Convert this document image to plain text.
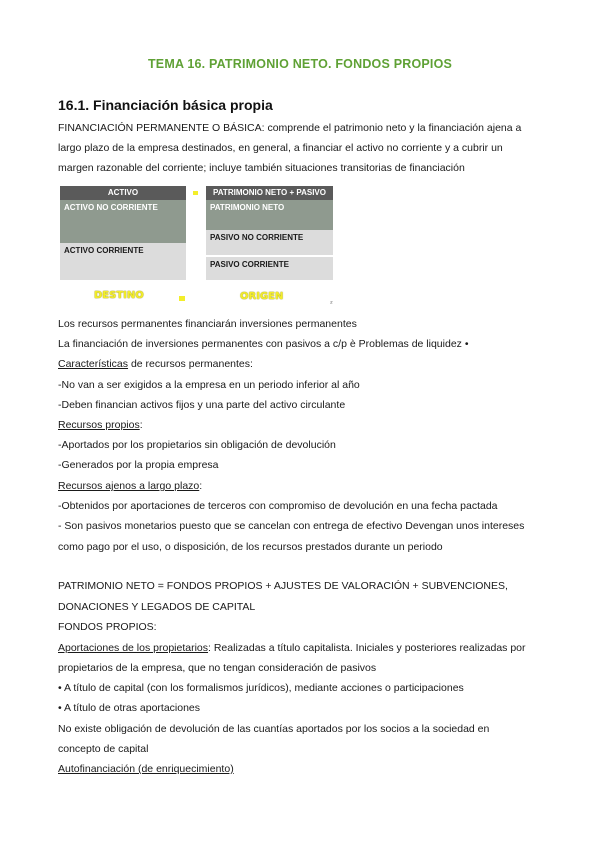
TEMA 16. PATRIMONIO NETO. FONDOS PROPIOS
16.1. Financiación básica propia
FINANCIACIÓN PERMANENTE O BÁSICA: comprende el patrimonio neto y la financiación ajena a
largo plazo de la empresa destinados, en general, a financiar el activo no corriente y a cubrir un
margen razonable del corriente; incluye también situaciones transitorias de financiación
ACTIVO
ACTIVO NO CORRIENTE
ACTIVO CORRIENTE
PATRIMONIO NETO + PASIVO
PATRIMONIO NETO
PASIVO NO CORRIENTE
PASIVO CORRIENTE
DESTINO	ORIGEN	₂
Los recursos permanentes financiarán inversiones permanentes
La financiación de inversiones permanentes con pasivos a c/p è Problemas de liquidez •
Características de recursos permanentes:
-No van a ser exigidos a la empresa en un periodo inferior al año
-Deben financian activos fijos y una parte del activo circulante
Recursos propios:
-Aportados por los propietarios sin obligación de devolución
-Generados por la propia empresa
Recursos ajenos a largo plazo:
-Obtenidos por aportaciones de terceros con compromiso de devolución en una fecha pactada
- Son pasivos monetarios puesto que se cancelan con entrega de efectivo Devengan unos intereses
como pago por el uso, o disposición, de los recursos prestados durante un periodo
PATRIMONIO NETO = FONDOS PROPIOS + AJUSTES DE VALORACIÓN + SUBVENCIONES,
DONACIONES Y LEGADOS DE CAPITAL
FONDOS PROPIOS:
Aportaciones de los propietarios: Realizadas a título capitalista. Iniciales y posteriores realizadas por
propietarios de la empresa, que no tengan consideración de pasivos
• A título de capital (con los formalismos jurídicos), mediante acciones o participaciones
• A título de otras aportaciones
No existe obligación de devolución de las cuantías aportados por los socios a la sociedad en
concepto de capital
Autofinanciación (de enriquecimiento)
